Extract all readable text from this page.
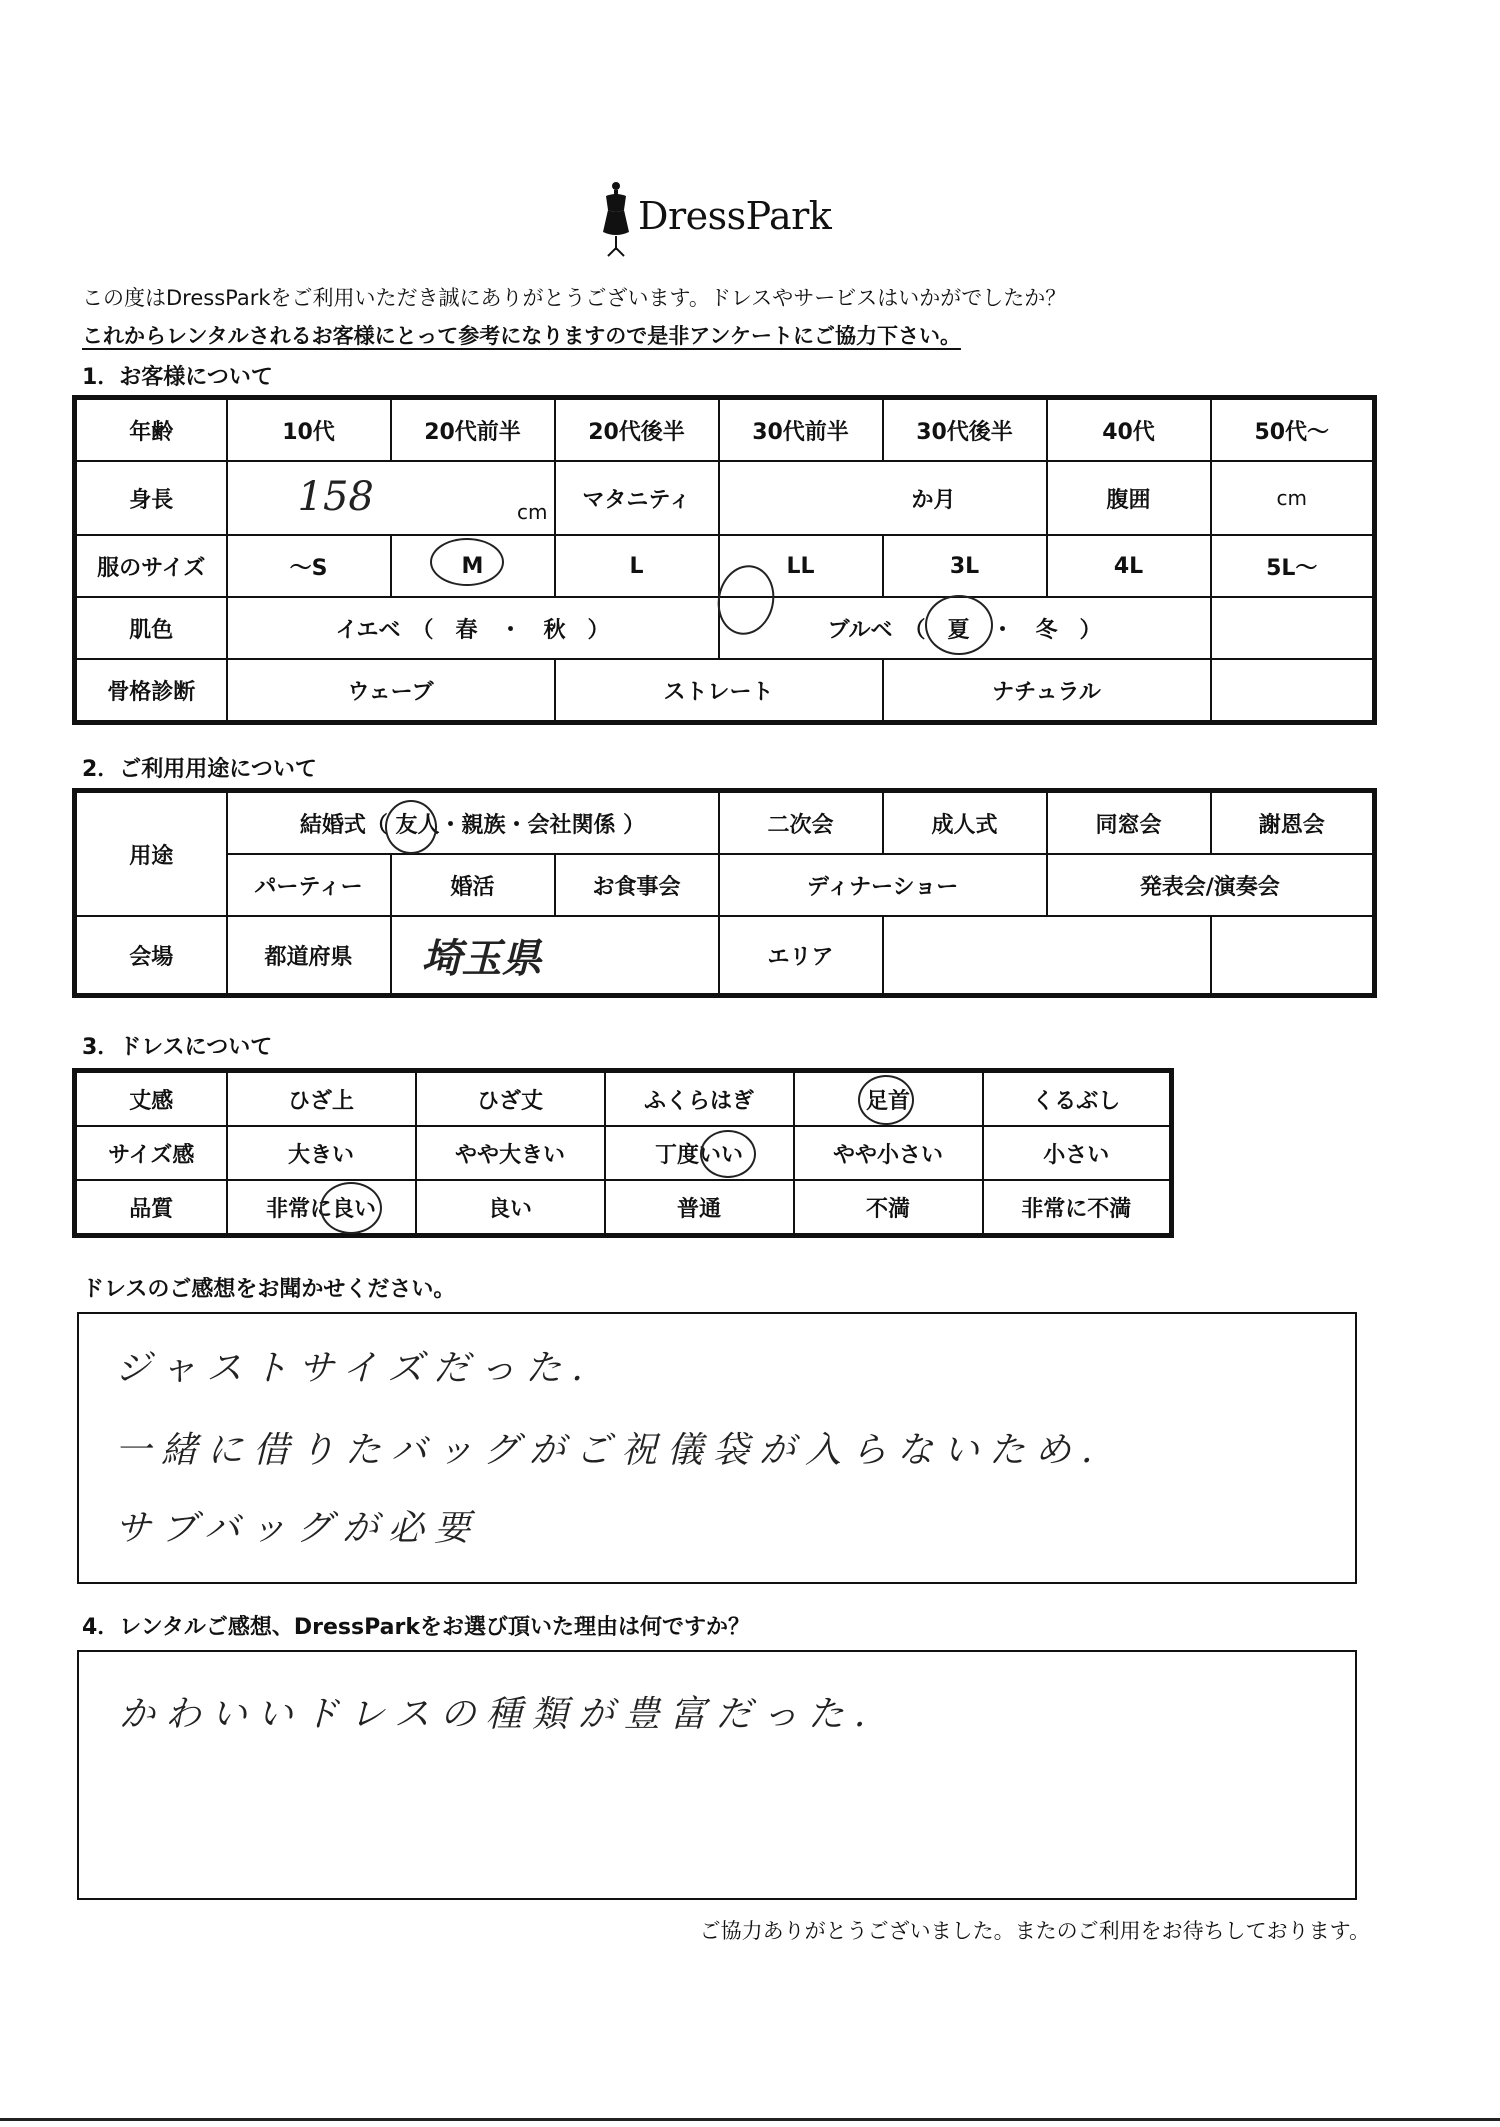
DressPark
この度はDressParkをご利用いただき誠にありがとうございます。ドレスやサービスはいかがでしたか？
これからレンタルされるお客様にとって参考になりますので是非アンケートにご協力下さい。
1．お客様について
年齢	10代	20代前半	20代後半	30代前半	30代後半	40代	50代～
身長	158 cm		マタニティ	か月		腹囲	cm
服のサイズ	～S	M	L	LL	3L	4L	5L～
肌色	イエベ　（　春　・　秋　）			ブルベ　（　夏　・　冬　）			
骨格診断	ウェーブ		ストレート		ナチュラル		
2．ご利用用途について
用途	結婚式（ 友人・親族・会社関係 ）			二次会	成人式	同窓会	謝恩会
	パーティー	婚活	お食事会	ディナーショー		発表会/演奏会	
会場	都道府県	埼玉県		エリア			
3．ドレスについて
丈感	ひざ上	ひざ丈	ふくらはぎ	足首	くるぶし
サイズ感	大きい	やや大きい	丁度いい	やや小さい	小さい
品質	非常に良い	良い	普通	不満	非常に不満
ドレスのご感想をお聞かせください。
ジャストサイズだった.
一緒に借りたバッグがご祝儀袋が入らないため.
サブバッグが必要
4．レンタルご感想、DressParkをお選び頂いた理由は何ですか？
かわいいドレスの種類が豊富だった.
ご協力ありがとうございました。またのご利用をお待ちしております。
